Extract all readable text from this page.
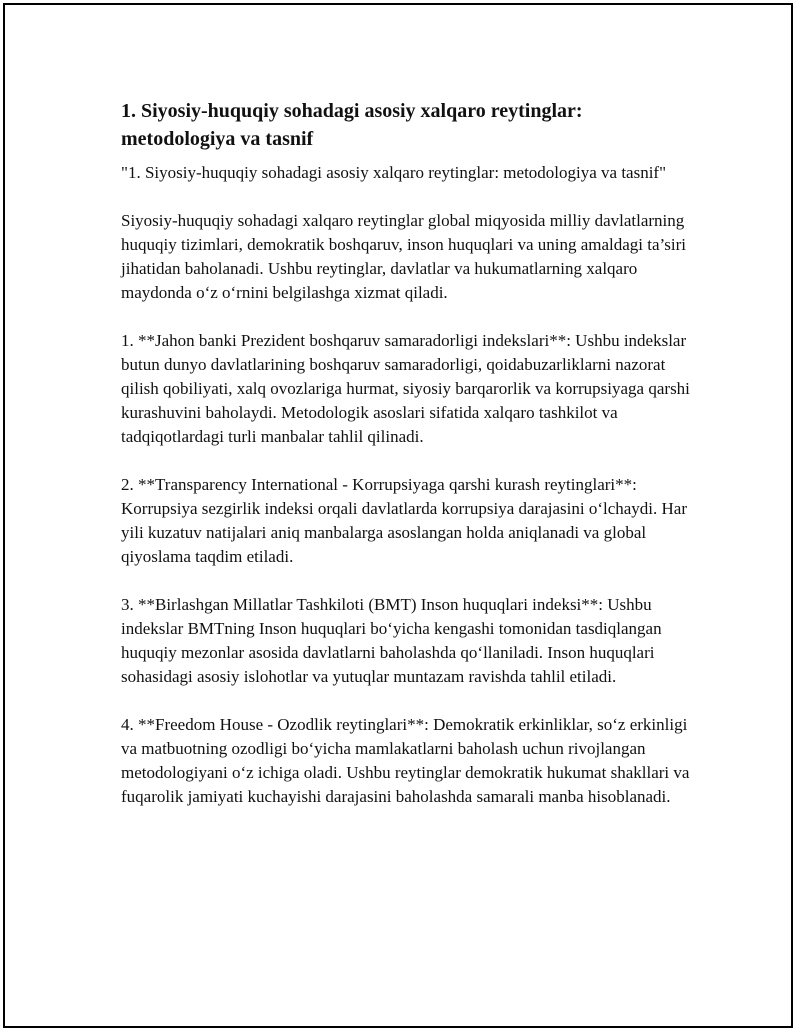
1. Siyosiy-huquqiy sohadagi asosiy xalqaro reytinglar: metodologiya va tasnif

"1. Siyosiy-huquqiy sohadagi asosiy xalqaro reytinglar: metodologiya va tasnif"

Siyosiy-huquqiy sohadagi xalqaro reytinglar global miqyosida milliy davlatlarning huquqiy tizimlari, demokratik boshqaruv, inson huquqlari va uning amaldagi ta’siri jihatidan baholanadi. Ushbu reytinglar, davlatlar va hukumatlarning xalqaro maydonda o‘z o‘rnini belgilashga xizmat qiladi.

1. **Jahon banki Prezident boshqaruv samaradorligi indekslari**: Ushbu indekslar butun dunyo davlatlarining boshqaruv samaradorligi, qoidabuzarliklarni nazorat qilish qobiliyati, xalq ovozlariga hurmat, siyosiy barqarorlik va korrupsiyaga qarshi kurashuvini baholaydi. Metodologik asoslari sifatida xalqaro tashkilot va tadqiqotlardagi turli manbalar tahlil qilinadi.

2. **Transparency International - Korrupsiyaga qarshi kurash reytinglari**: Korrupsiya sezgirlik indeksi orqali davlatlarda korrupsiya darajasini o‘lchaydi. Har yili kuzatuv natijalari aniq manbalarga asoslangan holda aniqlanadi va global qiyoslama taqdim etiladi.

3. **Birlashgan Millatlar Tashkiloti (BMT) Inson huquqlari indeksi**: Ushbu indekslar BMTning Inson huquqlari bo‘yicha kengashi tomonidan tasdiqlangan huquqiy mezonlar asosida davlatlarni baholashda qo‘llaniladi. Inson huquqlari sohasidagi asosiy islohotlar va yutuqlar muntazam ravishda tahlil etiladi.

4. **Freedom House - Ozodlik reytinglari**: Demokratik erkinliklar, so‘z erkinligi va matbuotning ozodligi bo‘yicha mamlakatlarni baholash uchun rivojlangan metodologiyani o‘z ichiga oladi. Ushbu reytinglar demokratik hukumat shakllari va fuqarolik jamiyati kuchayishi darajasini baholashda samarali manba hisoblanadi.
